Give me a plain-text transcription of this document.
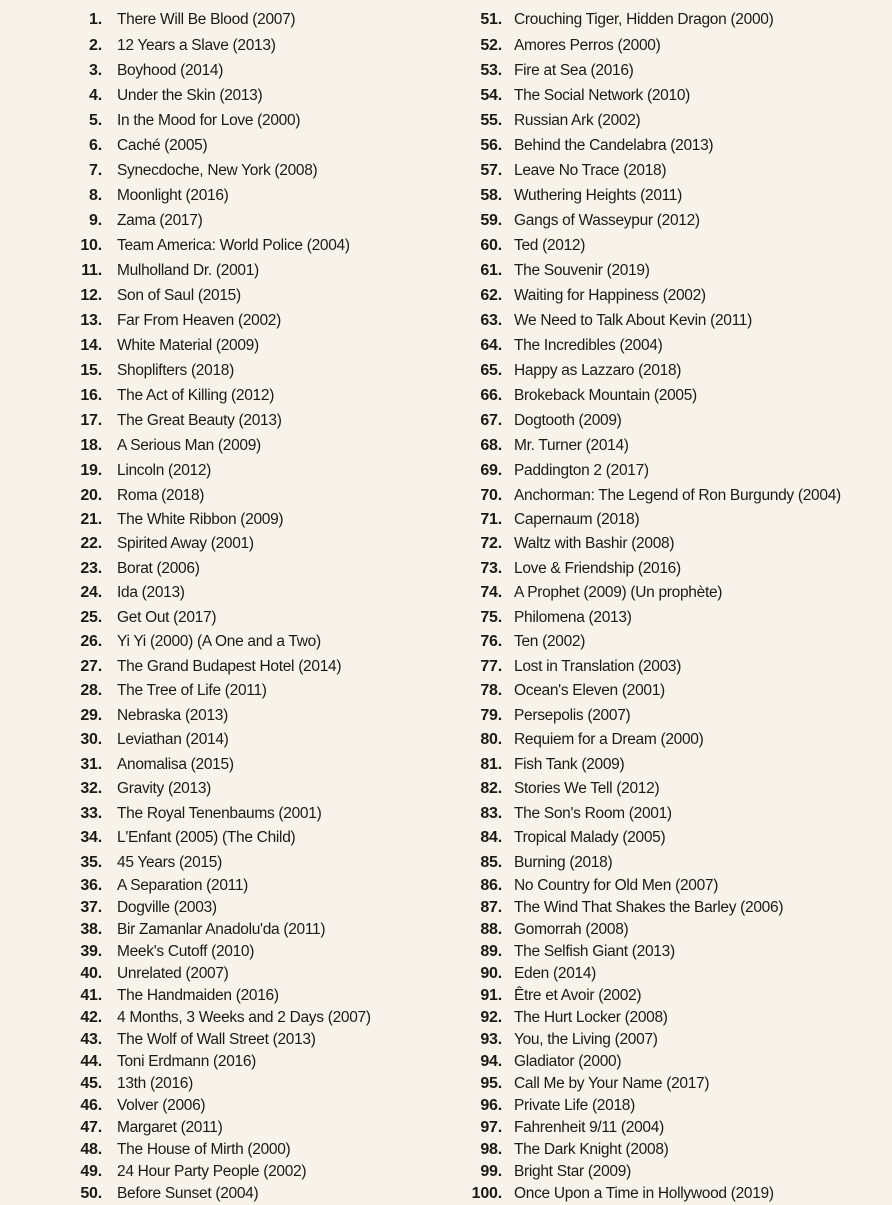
1. There Will Be Blood (2007)
2. 12 Years a Slave (2013)
3. Boyhood (2014)
4. Under the Skin (2013)
5. In the Mood for Love (2000)
6. Caché (2005)
7. Synecdoche, New York (2008)
8. Moonlight (2016)
9. Zama (2017)
10. Team America: World Police (2004)
11. Mulholland Dr. (2001)
12. Son of Saul (2015)
13. Far From Heaven (2002)
14. White Material (2009)
15. Shoplifters (2018)
16. The Act of Killing (2012)
17. The Great Beauty (2013)
18. A Serious Man (2009)
19. Lincoln (2012)
20. Roma (2018)
21. The White Ribbon (2009)
22. Spirited Away (2001)
23. Borat (2006)
24. Ida (2013)
25. Get Out (2017)
26. Yi Yi (2000) (A One and a Two)
27. The Grand Budapest Hotel (2014)
28. The Tree of Life (2011)
29. Nebraska (2013)
30. Leviathan (2014)
31. Anomalisa (2015)
32. Gravity (2013)
33. The Royal Tenenbaums (2001)
34. L'Enfant (2005) (The Child)
35. 45 Years (2015)
36. A Separation (2011)
37. Dogville (2003)
38. Bir Zamanlar Anadolu'da (2011)
39. Meek's Cutoff (2010)
40. Unrelated (2007)
41. The Handmaiden (2016)
42. 4 Months, 3 Weeks and 2 Days (2007)
43. The Wolf of Wall Street (2013)
44. Toni Erdmann (2016)
45. 13th (2016)
46. Volver (2006)
47. Margaret (2011)
48. The House of Mirth (2000)
49. 24 Hour Party People (2002)
50. Before Sunset (2004)
51. Crouching Tiger, Hidden Dragon (2000)
52. Amores Perros (2000)
53. Fire at Sea (2016)
54. The Social Network (2010)
55. Russian Ark (2002)
56. Behind the Candelabra (2013)
57. Leave No Trace (2018)
58. Wuthering Heights (2011)
59. Gangs of Wasseypur (2012)
60. Ted (2012)
61. The Souvenir (2019)
62. Waiting for Happiness (2002)
63. We Need to Talk About Kevin (2011)
64. The Incredibles (2004)
65. Happy as Lazzaro (2018)
66. Brokeback Mountain (2005)
67. Dogtooth (2009)
68. Mr. Turner (2014)
69. Paddington 2 (2017)
70. Anchorman: The Legend of Ron Burgundy (2004)
71. Capernaum (2018)
72. Waltz with Bashir (2008)
73. Love & Friendship (2016)
74. A Prophet (2009) (Un prophète)
75. Philomena (2013)
76. Ten (2002)
77. Lost in Translation (2003)
78. Ocean's Eleven (2001)
79. Persepolis (2007)
80. Requiem for a Dream (2000)
81. Fish Tank (2009)
82. Stories We Tell (2012)
83. The Son's Room (2001)
84. Tropical Malady (2005)
85. Burning (2018)
86. No Country for Old Men (2007)
87. The Wind That Shakes the Barley (2006)
88. Gomorrah (2008)
89. The Selfish Giant (2013)
90. Eden (2014)
91. Être et Avoir (2002)
92. The Hurt Locker (2008)
93. You, the Living (2007)
94. Gladiator (2000)
95. Call Me by Your Name (2017)
96. Private Life (2018)
97. Fahrenheit 9/11 (2004)
98. The Dark Knight (2008)
99. Bright Star (2009)
100. Once Upon a Time in Hollywood (2019)
